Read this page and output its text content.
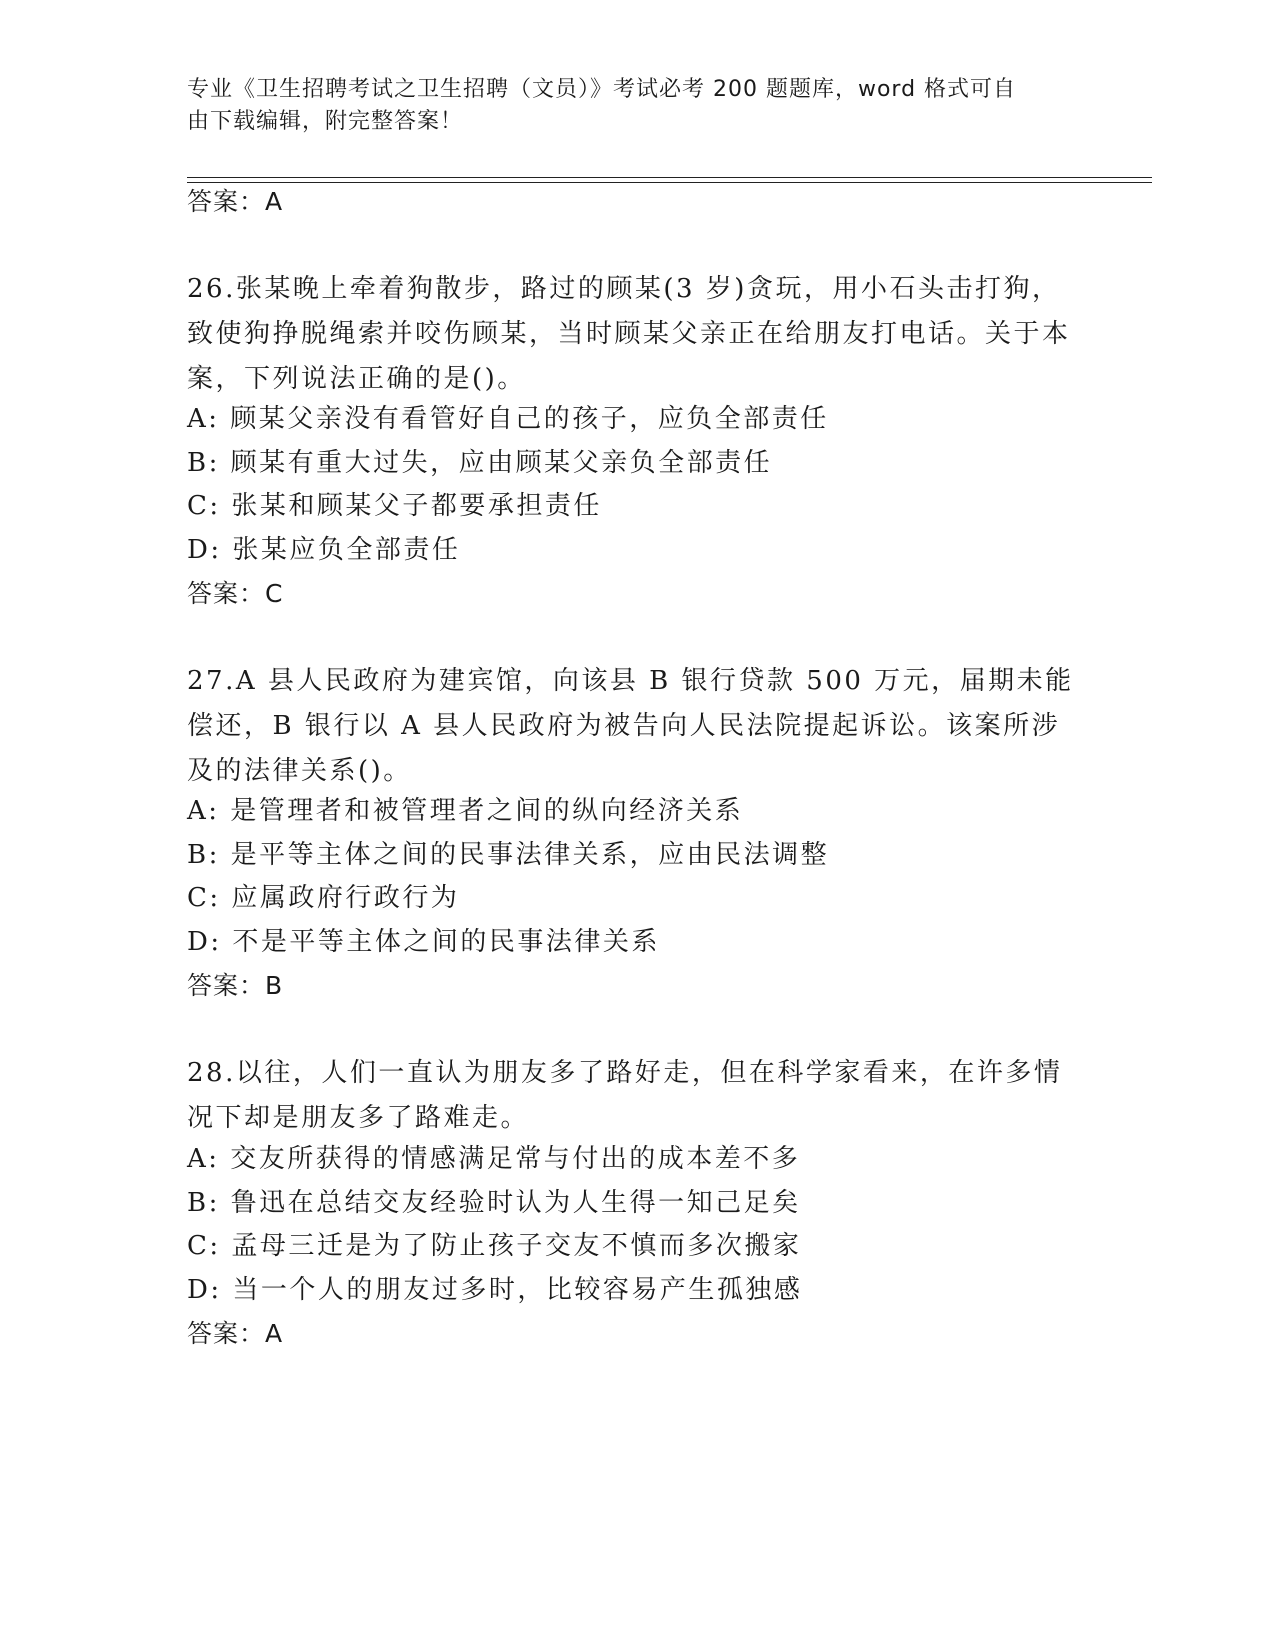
专业《卫生招聘考试之卫生招聘（文员）》考试必考 200 题题库，word 格式可自
由下载编辑，附完整答案！
答案：A
26.张某晚上牵着狗散步，路过的顾某(3 岁)贪玩，用小石头击打狗，致使狗挣脱绳索并咬伤顾某，当时顾某父亲正在给朋友打电话。关于本案，下列说法正确的是()。
A: 顾某父亲没有看管好自己的孩子，应负全部责任
B: 顾某有重大过失，应由顾某父亲负全部责任
C: 张某和顾某父子都要承担责任
D: 张某应负全部责任
答案：C
27.A 县人民政府为建宾馆，向该县 B 银行贷款 500 万元，届期未能偿还，B 银行以 A 县人民政府为被告向人民法院提起诉讼。该案所涉及的法律关系()。
A: 是管理者和被管理者之间的纵向经济关系
B: 是平等主体之间的民事法律关系，应由民法调整
C: 应属政府行政行为
D: 不是平等主体之间的民事法律关系
答案：B
28.以往，人们一直认为朋友多了路好走，但在科学家看来，在许多情况下却是朋友多了路难走。
A: 交友所获得的情感满足常与付出的成本差不多
B: 鲁迅在总结交友经验时认为人生得一知己足矣
C: 孟母三迁是为了防止孩子交友不慎而多次搬家
D: 当一个人的朋友过多时，比较容易产生孤独感
答案：A
